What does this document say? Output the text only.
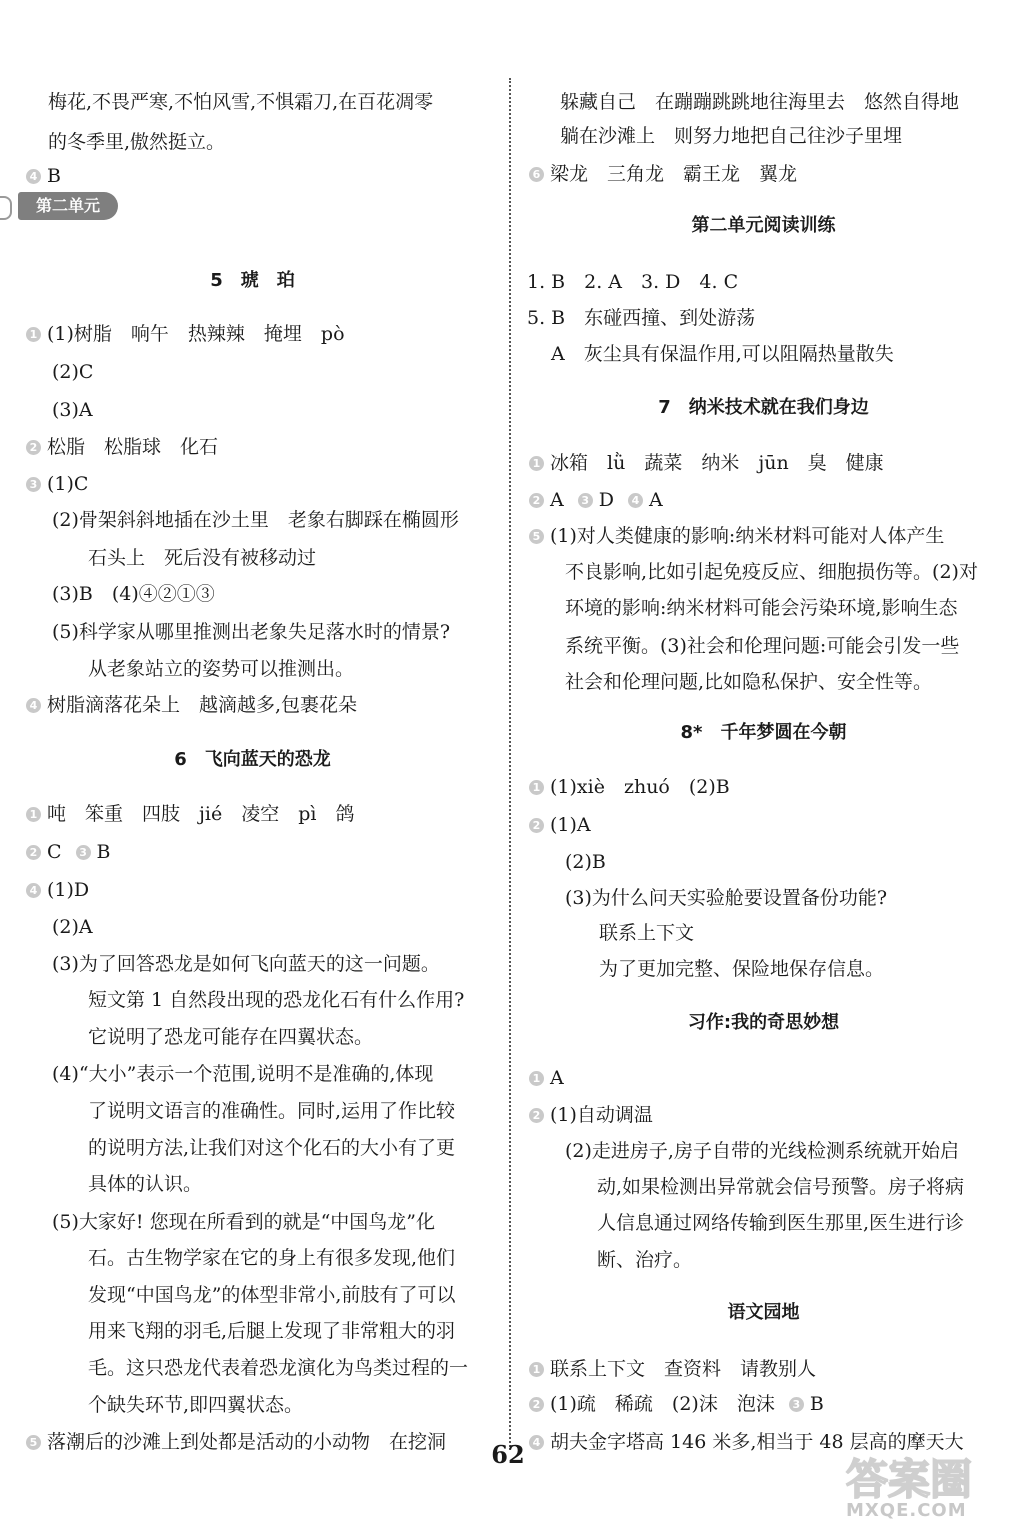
第二单元
梅花,不畏严寒,不怕风雪,不惧霜刀,在百花凋零
的冬季里,傲然挺立。
4 B
5　琥　珀
1 (1)树脂　响午　热辣辣　掩埋　pò
(2)C
(3)A
2 松脂　松脂球　化石
3 (1)C
(2)骨架斜斜地插在沙土里　老象右脚踩在椭圆形
石头上　死后没有被移动过
(3)B　(4)④②①③
(5)科学家从哪里推测出老象失足落水时的情景?
从老象站立的姿势可以推测出。
4 树脂滴落花朵上　越滴越多,包裹花朵
6　飞向蓝天的恐龙
1 吨　笨重　四肢　jié　凌空　pì　鸽
2 C 3 B
4 (1)D
(2)A
(3)为了回答恐龙是如何飞向蓝天的这一问题。
短文第 1 自然段出现的恐龙化石有什么作用?
它说明了恐龙可能存在四翼状态。
(4)“大小”表示一个范围,说明不是准确的,体现
了说明文语言的准确性。同时,运用了作比较
的说明方法,让我们对这个化石的大小有了更
具体的认识。
(5)大家好! 您现在所看到的就是“中国鸟龙”化
石。古生物学家在它的身上有很多发现,他们
发现“中国鸟龙”的体型非常小,前肢有了可以
用来飞翔的羽毛,后腿上发现了非常粗大的羽
毛。这只恐龙代表着恐龙演化为鸟类过程的一
个缺失环节,即四翼状态。
5 落潮后的沙滩上到处都是活动的小动物　在挖洞
躲藏自己　在蹦蹦跳跳地往海里去　悠然自得地
躺在沙滩上　则努力地把自己往沙子里埋
6 梁龙　三角龙　霸王龙　翼龙
第二单元阅读训练
1. B　2. A　3. D　4. C
5. B　东碰西撞、到处游荡
A　灰尘具有保温作用,可以阻隔热量散失
7　纳米技术就在我们身边
1 冰箱　lǜ　蔬菜　纳米　jūn　臭　健康
2 A 3 D 4 A
5 (1)对人类健康的影响:纳米材料可能对人体产生
不良影响,比如引起免疫反应、细胞损伤等。(2)对
环境的影响:纳米材料可能会污染环境,影响生态
系统平衡。(3)社会和伦理问题:可能会引发一些
社会和伦理问题,比如隐私保护、安全性等。
8*　千年梦圆在今朝
1 (1)xiè　zhuó　(2)B
2 (1)A
(2)B
(3)为什么问天实验舱要设置备份功能?
联系上下文
为了更加完整、保险地保存信息。
习作:我的奇思妙想
1 A
2 (1)自动调温
(2)走进房子,房子自带的光线检测系统就开始启
动,如果检测出异常就会信号预警。房子将病
人信息通过网络传输到医生那里,医生进行诊
断、治疗。
语文园地
1 联系上下文　查资料　请教别人
2 (1)疏　稀疏　(2)沫　泡沫 3 B
4 胡夫金字塔高 146 米多,相当于 48 层高的摩天大
62
答案圈
MXQE.COM
